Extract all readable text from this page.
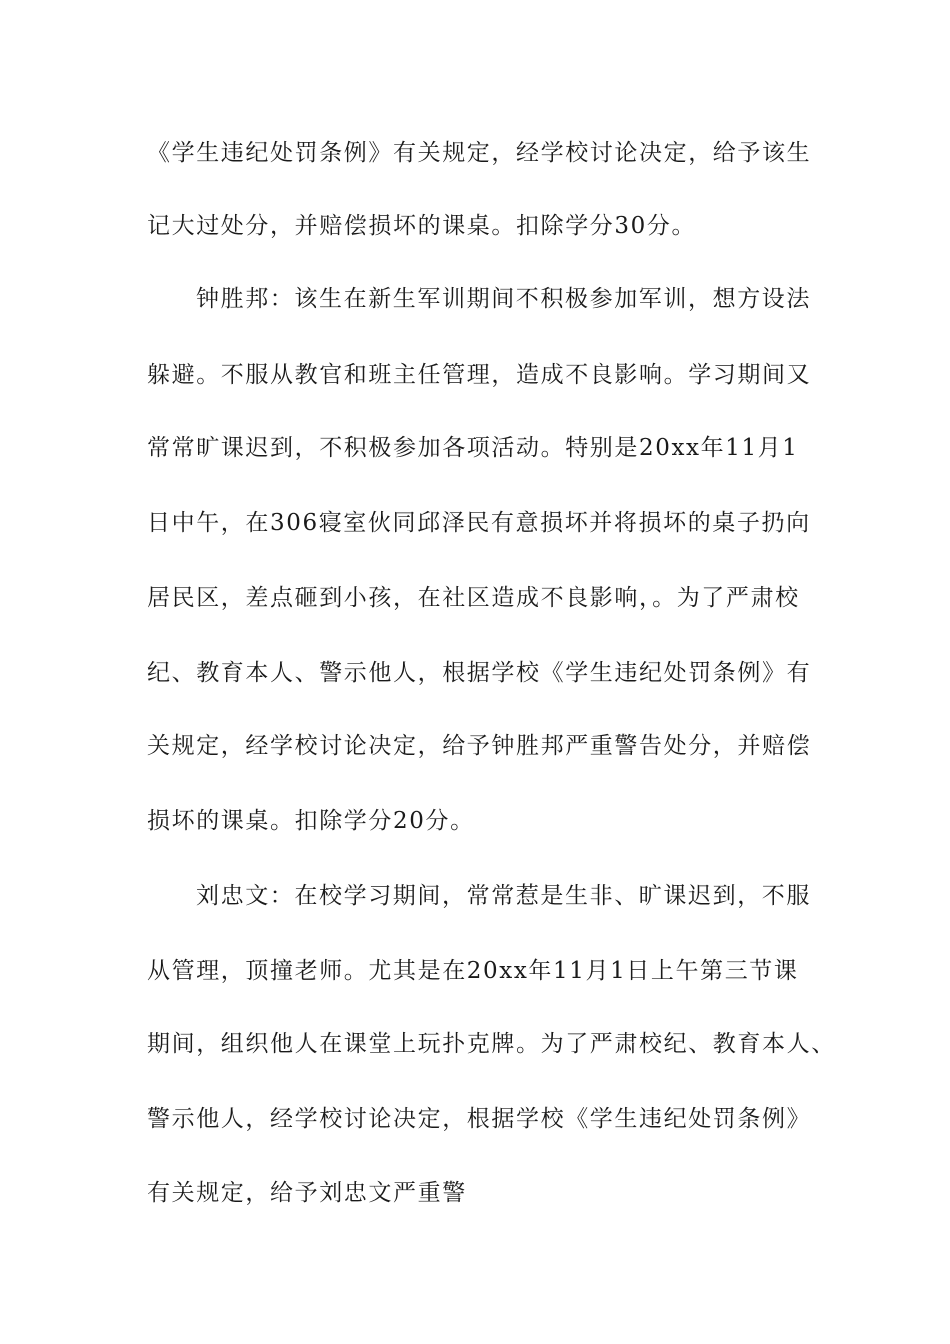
《学生违纪处罚条例》有关规定，经学校讨论决定，给予该生
记大过处分，并赔偿损坏的课桌。扣除学分30分。
钟胜邦：该生在新生军训期间不积极参加军训，想方设法
躲避。不服从教官和班主任管理，造成不良影响。学习期间又
常常旷课迟到，不积极参加各项活动。特别是20xx年11月1
日中午，在306寝室伙同邱泽民有意损坏并将损坏的桌子扔向
居民区，差点砸到小孩，在社区造成不良影响，。为了严肃校
纪、教育本人、警示他人，根据学校《学生违纪处罚条例》有
关规定，经学校讨论决定，给予钟胜邦严重警告处分，并赔偿
损坏的课桌。扣除学分20分。
刘忠文：在校学习期间，常常惹是生非、旷课迟到，不服
从管理，顶撞老师。尤其是在20xx年11月1日上午第三节课
期间，组织他人在课堂上玩扑克牌。为了严肃校纪、教育本人、
警示他人，经学校讨论决定，根据学校《学生违纪处罚条例》
有关规定，给予刘忠文严重警
